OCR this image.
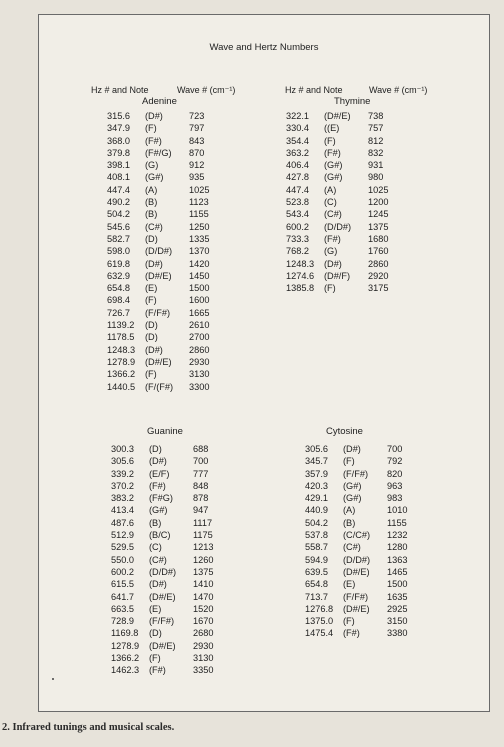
Wave and Hertz Numbers
Hz # and Note	Wave # (cm⁻¹)	Hz # and Note	Wave # (cm⁻¹)
Adenine
315.6 (D#)	723
347.9 (F)	797
368.0 (F#)	843
379.8 (F#/G) 870
398.1 (G)	912
408.1 (G#)	935
447.4 (A)	1025
490.2 (B)	1123
504.2 (B)	1155
545.6 (C#)	1250
582.7 (D)	1335
598.0 (D/D#) 1370
619.8 (D#)	1420
632.9 (D#/E) 1450
654.8 (E)	1500
698.4 (F)	1600
726.7 (F/F#) 1665
1139.2 (D)	2610
1178.5 (D)	2700
1248.3 (D#)	2860
1278.9 (D#/E) 2930
1366.2 (F)	3130
1440.5 (F/(F#) 3300
Thymine
322.1 (D#/E) 738
330.4 ((E)	757
354.4 (F)	812
363.2 (F#)	832
406.4 (G#)	931
427.8 (G#)	980
447.4 (A)	1025
523.8 (C)	1200
543.4 (C#)	1245
600.2 (D/D#) 1375
733.3 (F#)	1680
768.2 (G)	1760
1248.3 (D#)	2860
1274.6 (D#/F) 2920
1385.8 (F)	3175
Guanine
300.3 (D)	688
305.6 (D#)	700
339.2 (E/F)	777
370.2 (F#)	848
383.2 (F#G) 878
413.4 (G#)	947
487.6 (B)	1117
512.9 (B/C) 1175
529.5 (C)	1213
550.0 (C#)	1260
600.2 (D/D#) 1375
615.5 (D#)	1410
641.7 (D#/E) 1470
663.5 (E)	1520
728.9 (F/F#) 1670
1169.8 (D)	2680
1278.9 (D#/E) 2930
1366.2 (F)	3130
1462.3 (F#)	3350
Cytosine
305.6 (D#)	700
345.7 (F)	792
357.9 (F/F#) 820
420.3 (G#)	963
429.1 (G#)	983
440.9 (A)	1010
504.2 (B)	1155
537.8 (C/C#) 1232
558.7 (C#)	1280
594.9 (D/D#) 1363
639.5 (D#/E) 1465
654.8 (E)	1500
713.7 (F/F#) 1635
1276.8 (D#/E) 2925
1375.0 (F)	3150
1475.4 (F#)	3380
2. Infrared tunings and musical scales.
